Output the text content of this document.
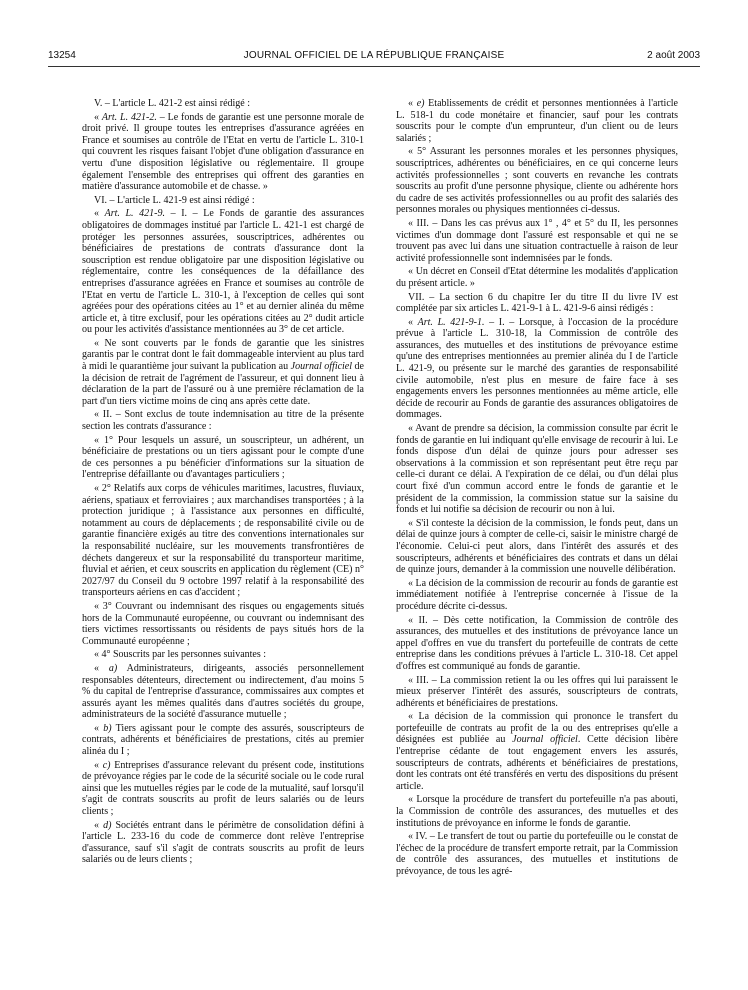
13254	JOURNAL OFFICIEL DE LA RÉPUBLIQUE FRANÇAISE	2 août 2003

V. – L'article L. 421-2 est ainsi rédigé :

« Art. L. 421-2. – Le fonds de garantie est une personne morale de droit privé. Il groupe toutes les entreprises d'assurance agréées en France et soumises au contrôle de l'Etat en vertu de l'article L. 310-1 qui couvrent les risques faisant l'objet d'une obligation d'assurance en vertu d'une disposition législative ou réglementaire. Il groupe également l'ensemble des entreprises qui offrent des garanties en matière d'assurance automobile et de chasse. »

VI. – L'article L. 421-9 est ainsi rédigé :

« Art. L. 421-9. – I. – Le Fonds de garantie des assurances obligatoires de dommages institué par l'article L. 421-1 est chargé de protéger les personnes assurées, souscriptrices, adhérentes ou bénéficiaires de prestations de contrats d'assurance dont la souscription est rendue obligatoire par une disposition législative ou réglementaire, contre les conséquences de la défaillance des entreprises d'assurance agréées en France et soumises au contrôle de l'Etat en vertu de l'article L. 310-1, à l'exception de celles qui sont agréées pour des opérations citées au 1° et au dernier alinéa du même article et, à titre exclusif, pour les opérations citées au 2° dudit article ou pour les activités d'assistance mentionnées au 3° de cet article.

« Ne sont couverts par le fonds de garantie que les sinistres garantis par le contrat dont le fait dommageable intervient au plus tard à midi le quarantième jour suivant la publication au Journal officiel de la décision de retrait de l'agrément de l'assureur, et qui donnent lieu à déclaration de la part de l'assuré ou à une première réclamation de la part d'un tiers victime moins de cinq ans après cette date.

« II. – Sont exclus de toute indemnisation au titre de la présente section les contrats d'assurance :

« 1° Pour lesquels un assuré, un souscripteur, un adhérent, un bénéficiaire de prestations ou un tiers agissant pour le compte d'une de ces personnes a pu bénéficier d'informations sur la situation de l'entreprise défaillante ou d'avantages particuliers ;

« 2° Relatifs aux corps de véhicules maritimes, lacustres, fluviaux, aériens, spatiaux et ferroviaires ; aux marchandises transportées ; à la protection juridique ; à l'assistance aux personnes en difficulté, notamment au cours de déplacements ; de responsabilité civile ou de garantie financière exigés au titre des conventions internationales sur la responsabilité nucléaire, sur les mouvements transfrontières de déchets dangereux et sur la responsabilité du transporteur maritime, fluvial et aérien, et ceux souscrits en application du règlement (CE) n° 2027/97 du Conseil du 9 octobre 1997 relatif à la responsabilité des transporteurs aériens en cas d'accident ;

« 3° Couvrant ou indemnisant des risques ou engagements situés hors de la Communauté européenne, ou couvrant ou indemnisant des tiers victimes ressortissants ou résidents de pays situés hors de la Communauté européenne ;

« 4° Souscrits par les personnes suivantes :

« a) Administrateurs, dirigeants, associés personnellement responsables détenteurs, directement ou indirectement, d'au moins 5 % du capital de l'entreprise d'assurance, commissaires aux comptes et assurés ayant les mêmes qualités dans d'autres sociétés du groupe, administrateurs de la société d'assurance mutuelle ;

« b) Tiers agissant pour le compte des assurés, souscripteurs de contrats, adhérents et bénéficiaires de prestations, cités au premier alinéa du I ;

« c) Entreprises d'assurance relevant du présent code, institutions de prévoyance régies par le code de la sécurité sociale ou le code rural ainsi que les mutuelles régies par le code de la mutualité, sauf lorsqu'il s'agit de contrats souscrits au profit de leurs salariés ou de leurs clients ;

« d) Sociétés entrant dans le périmètre de consolidation défini à l'article L. 233-16 du code de commerce dont relève l'entreprise d'assurance, sauf s'il s'agit de contrats souscrits au profit de leurs salariés ou de leurs clients ;

« e) Etablissements de crédit et personnes mentionnées à l'article L. 518-1 du code monétaire et financier, sauf pour les contrats souscrits pour le compte d'un emprunteur, d'un client ou de leurs salariés ;

« 5° Assurant les personnes morales et les personnes physiques, souscriptrices, adhérentes ou bénéficiaires, en ce qui concerne leurs activités professionnelles ; sont couverts en revanche les contrats souscrits au profit d'une personne physique, cliente ou adhérente hors du cadre de ses activités professionnelles ou au profit des salariés des personnes morales ou physiques mentionnées ci-dessus.

« III. – Dans les cas prévus aux 1° , 4° et 5° du II, les personnes victimes d'un dommage dont l'assuré est responsable et qui ne se trouvent pas avec lui dans une situation contractuelle à raison de leur activité professionnelle sont indemnisées par le fonds.

« Un décret en Conseil d'Etat détermine les modalités d'application du présent article. »

VII. – La section 6 du chapitre Ier du titre II du livre IV est complétée par six articles L. 421-9-1 à L. 421-9-6 ainsi rédigés :

« Art. L. 421-9-1. – I. – Lorsque, à l'occasion de la procédure prévue à l'article L. 310-18, la Commission de contrôle des assurances, des mutuelles et des institutions de prévoyance estime qu'une des entreprises mentionnées au premier alinéa du I de l'article L. 421-9, ou présente sur le marché des garanties de responsabilité civile automobile, n'est plus en mesure de faire face à ses engagements envers les personnes mentionnées au même article, elle décide de recourir au Fonds de garantie des assurances obligatoires de dommages.

« Avant de prendre sa décision, la commission consulte par écrit le fonds de garantie en lui indiquant qu'elle envisage de recourir à lui. Le fonds dispose d'un délai de quinze jours pour adresser ses observations à la commission et son représentant peut être reçu par celle-ci durant ce délai. A l'expiration de ce délai, ou d'un délai plus court fixé d'un commun accord entre le fonds de garantie et le président de la commission, la commission statue sur la saisine du fonds et lui notifie sa décision de recourir ou non à lui.

« S'il conteste la décision de la commission, le fonds peut, dans un délai de quinze jours à compter de celle-ci, saisir le ministre chargé de l'économie. Celui-ci peut alors, dans l'intérêt des assurés et des souscripteurs, adhérents et bénéficiaires des contrats et dans un délai de quinze jours, demander à la commission une nouvelle délibération.

« La décision de la commission de recourir au fonds de garantie est immédiatement notifiée à l'entreprise concernée à l'issue de la procédure décrite ci-dessus.

« II. – Dès cette notification, la Commission de contrôle des assurances, des mutuelles et des institutions de prévoyance lance un appel d'offres en vue du transfert du portefeuille de contrats de cette entreprise dans les conditions prévues à l'article L. 310-18. Cet appel d'offres est communiqué au fonds de garantie.

« III. – La commission retient la ou les offres qui lui paraissent le mieux préserver l'intérêt des assurés, souscripteurs de contrats, adhérents et bénéficiaires de prestations.

« La décision de la commission qui prononce le transfert du portefeuille de contrats au profit de la ou des entreprises qu'elle a désignées est publiée au Journal officiel. Cette décision libère l'entreprise cédante de tout engagement envers les assurés, souscripteurs de contrats, adhérents et bénéficiaires de prestations, dont les contrats ont été transférés en vertu des dispositions du présent article.

« Lorsque la procédure de transfert du portefeuille n'a pas abouti, la Commission de contrôle des assurances, des mutuelles et des institutions de prévoyance en informe le fonds de garantie.

« IV. – Le transfert de tout ou partie du portefeuille ou le constat de l'échec de la procédure de transfert emporte retrait, par la Commission de contrôle des assurances, des mutuelles et institutions de prévoyance, de tous les agré-
